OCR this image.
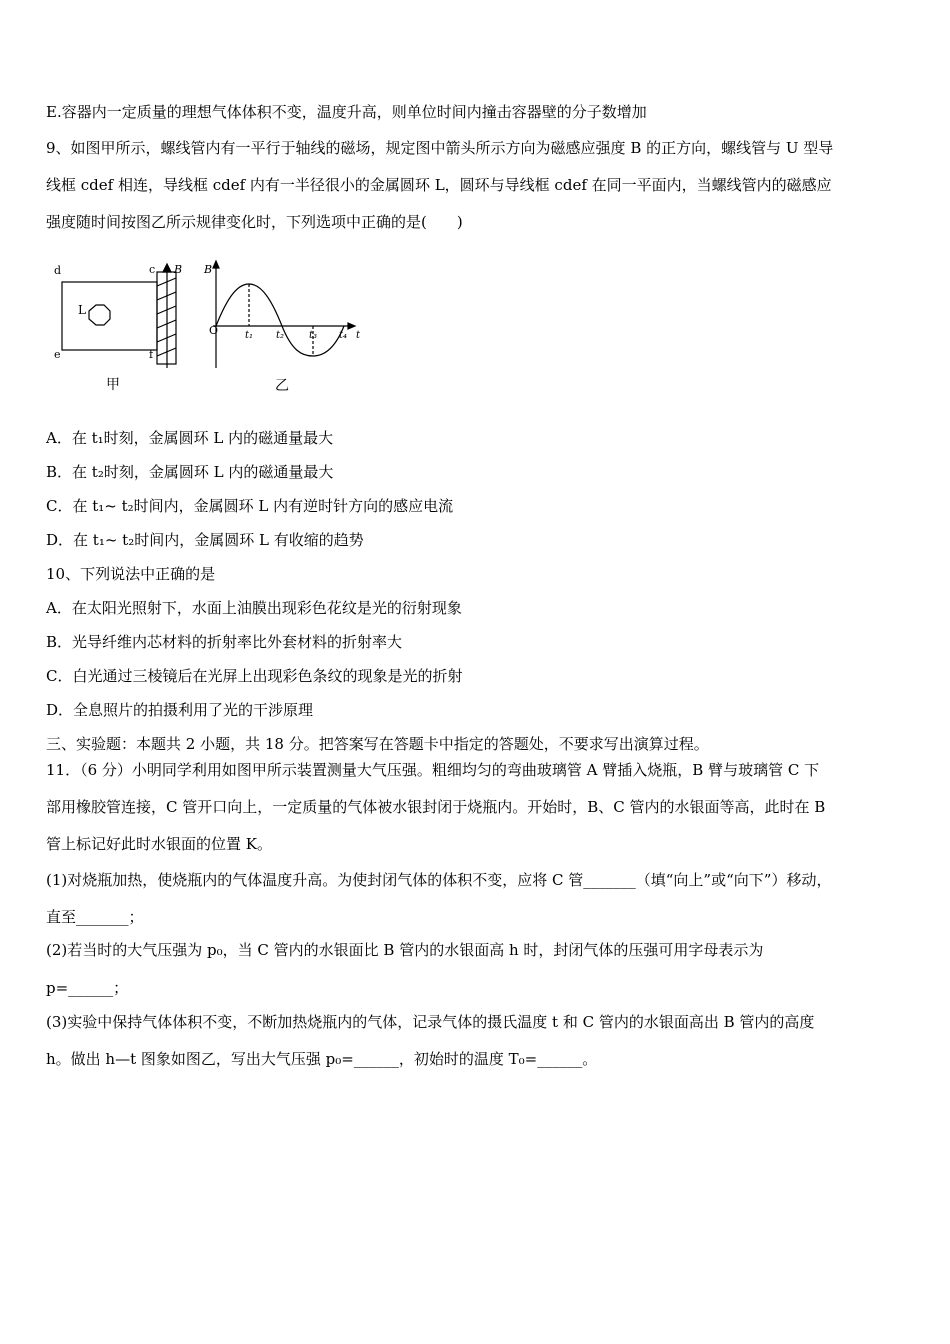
E.容器内一定质量的理想气体体积不变，温度升高，则单位时间内撞击容器壁的分子数增加
9、如图甲所示，螺线管内有一平行于轴线的磁场，规定图中箭头所示方向为磁感应强度 B 的正方向，螺线管与 U 型导
线框 cdef 相连，导线框 cdef 内有一半径很小的金属圆环 L，圆环与导线框 cdef 在同一平面内，当螺线管内的磁感应
强度随时间按图乙所示规律变化时，下列选项中正确的是(　　)
d	c
e	f
L
B
甲
B
O	t₁ t₂ t₃ t₄ t
乙
A．在 t₁时刻，金属圆环 L 内的磁通量最大
B．在 t₂时刻，金属圆环 L 内的磁通量最大
C．在 t₁~ t₂时间内，金属圆环 L 内有逆时针方向的感应电流
D．在 t₁~ t₂时间内，金属圆环 L 有收缩的趋势
10、下列说法中正确的是
A．在太阳光照射下，水面上油膜出现彩色花纹是光的衍射现象
B．光导纤维内芯材料的折射率比外套材料的折射率大
C．白光通过三棱镜后在光屏上出现彩色条纹的现象是光的折射
D．全息照片的拍摄利用了光的干涉原理
三、实验题：本题共 2 小题，共 18 分。把答案写在答题卡中指定的答题处，不要求写出演算过程。
11．（6 分）小明同学利用如图甲所示装置测量大气压强。粗细均匀的弯曲玻璃管 A 臂插入烧瓶，B 臂与玻璃管 C 下
部用橡胶管连接，C 管开口向上，一定质量的气体被水银封闭于烧瓶内。开始时，B、C 管内的水银面等高，此时在 B
管上标记好此时水银面的位置 K。
(1)对烧瓶加热，使烧瓶内的气体温度升高。为使封闭气体的体积不变，应将 C 管_______（填“向上”或“向下”）移动，
直至_______；
(2)若当时的大气压强为 p₀，当 C 管内的水银面比 B 管内的水银面高 h 时，封闭气体的压强可用字母表示为
p=______；
(3)实验中保持气体体积不变，不断加热烧瓶内的气体，记录气体的摄氏温度 t 和 C 管内的水银面高出 B 管内的高度
h。做出 h—t 图象如图乙，写出大气压强 p₀=______，初始时的温度 T₀=______。
